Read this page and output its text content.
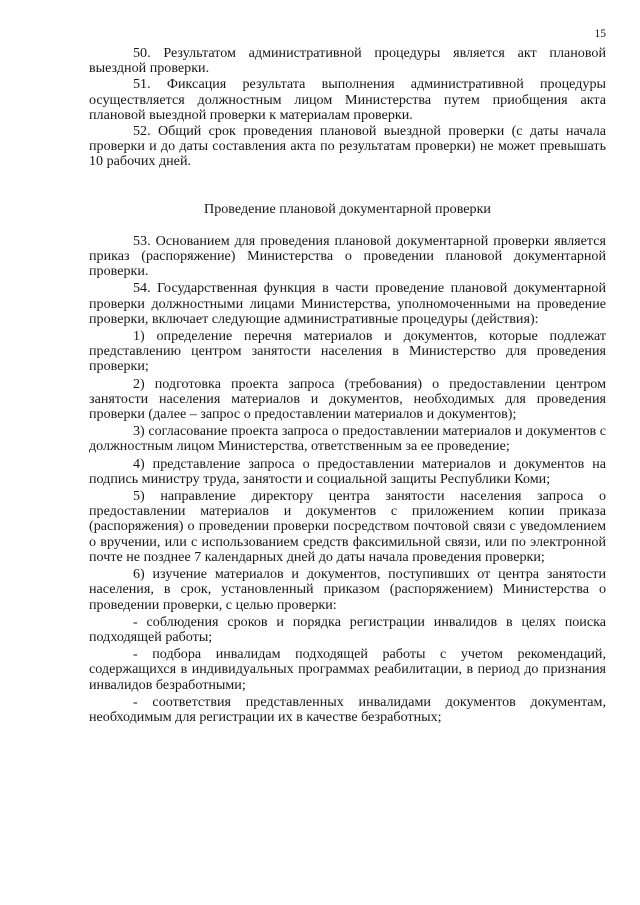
15

50. Результатом административной процедуры является акт плановой выездной проверки.

51. Фиксация результата выполнения административной процедуры осуществляется должностным лицом Министерства путем приобщения акта плановой выездной проверки к материалам проверки.

52. Общий срок проведения плановой выездной проверки (с даты начала проверки и до даты составления акта по результатам проверки) не может превышать 10 рабочих дней.

Проведение плановой документарной проверки

53. Основанием для проведения плановой документарной проверки является приказ (распоряжение) Министерства о проведении плановой документарной проверки.

54. Государственная функция в части проведение плановой документарной проверки должностными лицами Министерства, уполномоченными на проведение проверки, включает следующие административные процедуры (действия):

1) определение перечня материалов и документов, которые подлежат представлению центром занятости населения в Министерство для проведения проверки;

2) подготовка проекта запроса (требования) о предоставлении центром занятости населения материалов и документов, необходимых для проведения проверки (далее – запрос о предоставлении материалов и документов);

3) согласование проекта запроса о предоставлении материалов и документов с должностным лицом Министерства, ответственным за ее проведение;

4) представление запроса о предоставлении материалов и документов на подпись министру труда, занятости и социальной защиты Республики Коми;

5) направление директору центра занятости населения запроса о предоставлении материалов и документов с приложением копии приказа (распоряжения) о проведении проверки посредством почтовой связи с уведомлением о вручении, или с использованием средств факсимильной связи, или по электронной почте не позднее 7 календарных дней до даты начала проведения проверки;

6) изучение материалов и документов, поступивших от центра занятости населения, в срок, установленный приказом (распоряжением) Министерства о проведении проверки, с целью проверки:

- соблюдения сроков и порядка регистрации инвалидов в целях поиска подходящей работы;

- подбора инвалидам подходящей работы с учетом рекомендаций, содержащихся в индивидуальных программах реабилитации, в период до признания инвалидов безработными;

- соответствия представленных инвалидами документов документам, необходимым для регистрации их в качестве безработных;
